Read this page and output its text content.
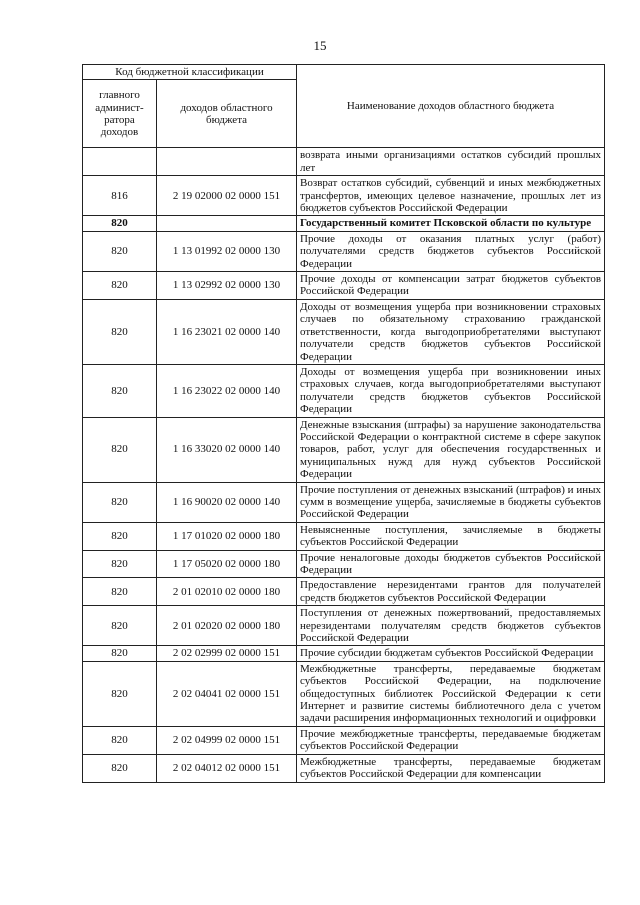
15
Код бюджетной классификации		Наименование доходов областного бюджета
главного админист-ратора доходов	доходов областного бюджета	
		возврата иными организациями остатков субсидий прошлых лет
816	2 19 02000 02 0000 151	Возврат остатков субсидий, субвенций и иных межбюджетных трансфертов, имеющих целевое назначение, прошлых лет из бюджетов субъектов Российской Федерации
820		Государственный комитет Псковской области по культуре
820	1 13 01992 02 0000 130	Прочие доходы от оказания платных услуг (работ) получателями средств бюджетов субъектов Российской Федерации
820	1 13 02992 02 0000 130	Прочие доходы от компенсации затрат бюджетов субъектов Российской Федерации
820	1 16 23021 02 0000 140	Доходы от возмещения ущерба при возникновении страховых случаев по обязательному страхованию гражданской ответственности, когда выгодоприобретателями выступают получатели средств бюджетов субъектов Российской Федерации
820	1 16 23022 02 0000 140	Доходы от возмещения ущерба при возникновении иных страховых случаев, когда выгодоприобретателями выступают получатели средств бюджетов субъектов Российской Федерации
820	1 16 33020 02 0000 140	Денежные взыскания (штрафы) за нарушение законодательства Российской Федерации о контрактной системе в сфере закупок товаров, работ, услуг для обеспечения государственных и муниципальных нужд для нужд субъектов Российской Федерации
820	1 16 90020 02 0000 140	Прочие поступления от денежных взысканий (штрафов) и иных сумм в возмещение ущерба, зачисляемые в бюджеты субъектов Российской Федерации
820	1 17 01020 02 0000 180	Невыясненные поступления, зачисляемые в бюджеты субъектов Российской Федерации
820	1 17 05020 02 0000 180	Прочие неналоговые доходы бюджетов субъектов Российской Федерации
820	2 01 02010 02 0000 180	Предоставление нерезидентами грантов для получателей средств бюджетов субъектов Российской Федерации
820	2 01 02020 02 0000 180	Поступления от денежных пожертвований, предоставляемых нерезидентами получателям средств бюджетов субъектов Российской Федерации
820	2 02 02999 02 0000 151	Прочие субсидии бюджетам субъектов Российской Федерации
820	2 02 04041 02 0000 151	Межбюджетные трансферты, передаваемые бюджетам субъектов Российской Федерации, на подключение общедоступных библиотек Российской Федерации к сети Интернет и развитие системы библиотечного дела с учетом задачи расширения информационных технологий и оцифровки
820	2 02 04999 02 0000 151	Прочие межбюджетные трансферты, передаваемые бюджетам субъектов Российской Федерации
820	2 02 04012 02 0000 151	Межбюджетные трансферты, передаваемые бюджетам субъектов Российской Федерации для компенсации
